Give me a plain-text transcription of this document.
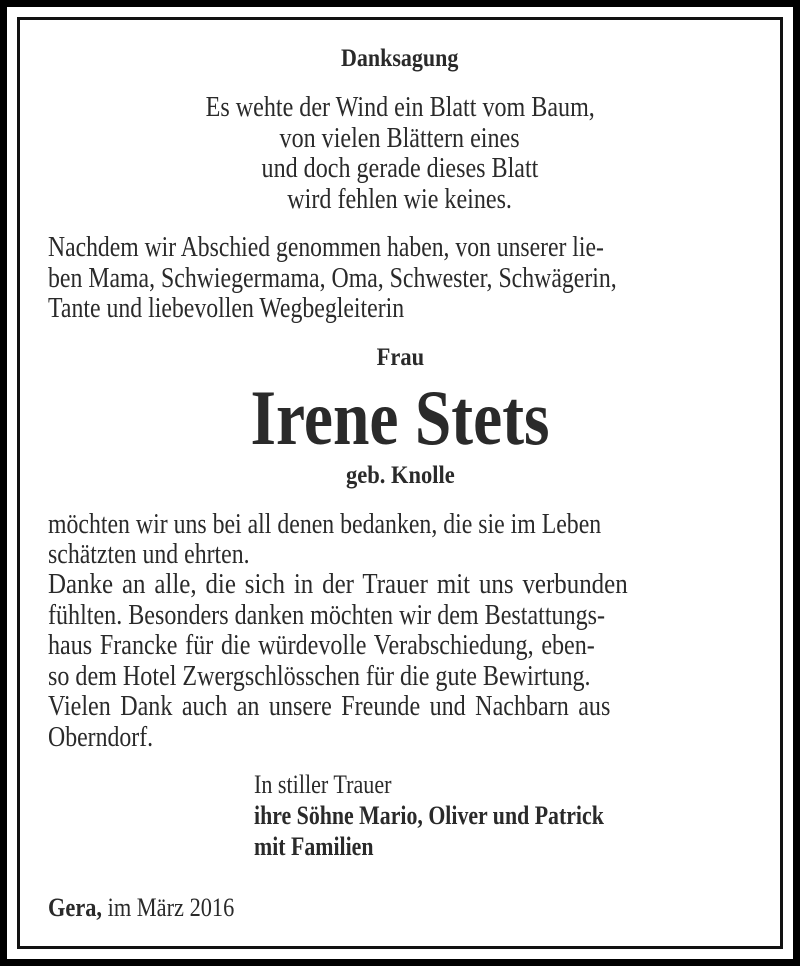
Danksagung
Es wehte der Wind ein Blatt vom Baum,
von vielen Blättern eines
und doch gerade dieses Blatt
wird fehlen wie keines.
Nachdem wir Abschied genommen haben, von unserer lie-
ben Mama, Schwiegermama, Oma, Schwester, Schwägerin,
Tante und liebevollen Wegbegleiterin
Frau
Irene Stets
geb. Knolle
möchten wir uns bei all denen bedanken, die sie im Leben
schätzten und ehrten.
Danke an alle, die sich in der Trauer mit uns verbunden
fühlten. Besonders danken möchten wir dem Bestattungs-
haus Francke für die würdevolle Verabschiedung, eben-
so dem Hotel Zwergschlösschen für die gute Bewirtung.
Vielen Dank auch an unsere Freunde und Nachbarn aus
Oberndorf.
In stiller Trauer
ihre Söhne Mario, Oliver und Patrick
mit Familien
Gera, im März 2016
